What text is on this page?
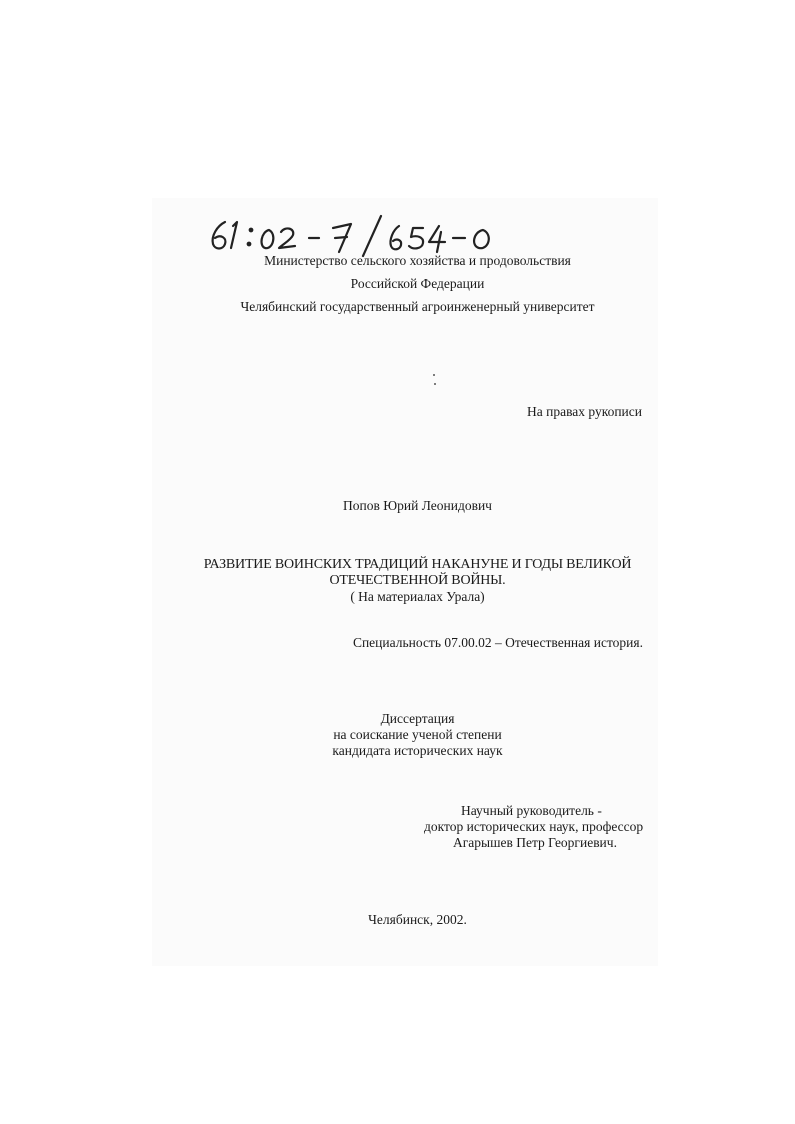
Министерство сельского хозяйства и продовольствия
Российской Федерации
Челябинский государственный агроинженерный университет
На правах рукописи
Попов Юрий Леонидович
РАЗВИТИЕ ВОИНСКИХ ТРАДИЦИЙ НАКАНУНЕ И ГОДЫ ВЕЛИКОЙ
ОТЕЧЕСТВЕННОЙ ВОЙНЫ.
( На материалах Урала)
Специальность 07.00.02 – Отечественная история.
Диссертация
на соискание ученой степени
кандидата исторических наук
Научный руководитель -
доктор исторических наук, профессор
Агарышев Петр Георгиевич.
Челябинск, 2002.
